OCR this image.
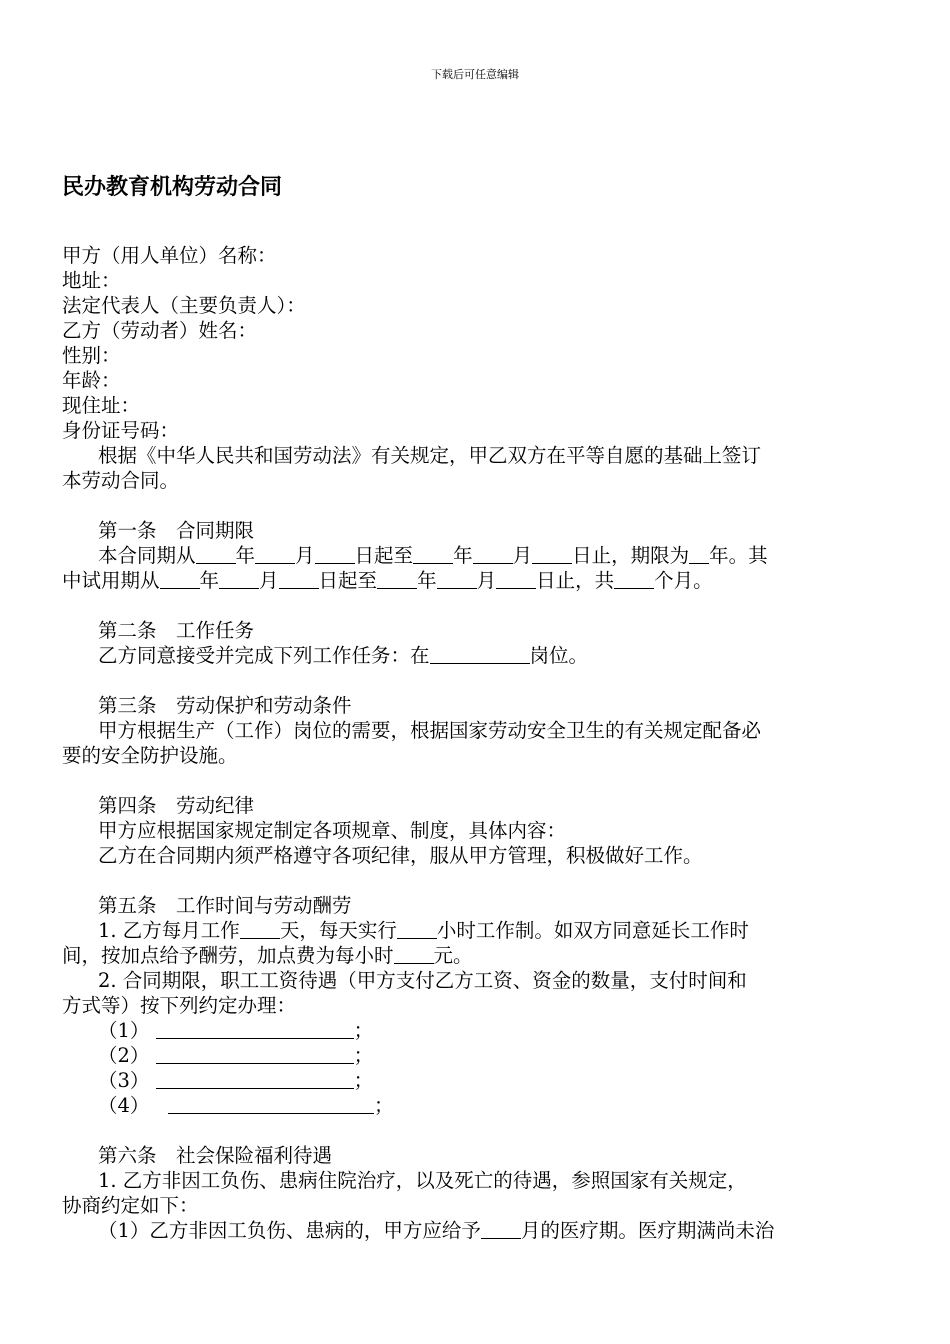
下载后可任意编辑
民办教育机构劳动合同
甲方（用人单位）名称：
地址：
法定代表人（主要负责人）：
乙方（劳动者）姓名：
性别：
年龄：
现住址：
身份证号码：
根据《中华人民共和国劳动法》有关规定，甲乙双方在平等自愿的基础上签订
本劳动合同。
第一条　合同期限
本合同期从 年 月 日起至 年 月 日止，期限为 年。其
中试用期从 年 月 日起至 年 月 日止，共 个月。
第二条　工作任务
乙方同意接受并完成下列工作任务：在	岗位。
第三条　劳动保护和劳动条件
甲方根据生产（工作）岗位的需要，根据国家劳动安全卫生的有关规定配备必
要的安全防护设施。
第四条　劳动纪律
甲方应根据国家规定制定各项规章、制度，具体内容：
乙方在合同期内须严格遵守各项纪律，服从甲方管理，积极做好工作。
第五条　工作时间与劳动酬劳
1. 乙方每月工作 天，每天实行 小时工作制。如双方同意延长工作时
间，按加点给予酬劳，加点费为每小时 元。
2. 合同期限，职工工资待遇（甲方支付乙方工资、资金的数量，支付时间和
方式等）按下列约定办理：
（1）	；
（2）	；
（3）	；
（4）	；
第六条　社会保险福利待遇
1. 乙方非因工负伤、患病住院治疗，以及死亡的待遇，参照国家有关规定，
协商约定如下：
（1）乙方非因工负伤、患病的，甲方应给予 月的医疗期。医疗期满尚未治
